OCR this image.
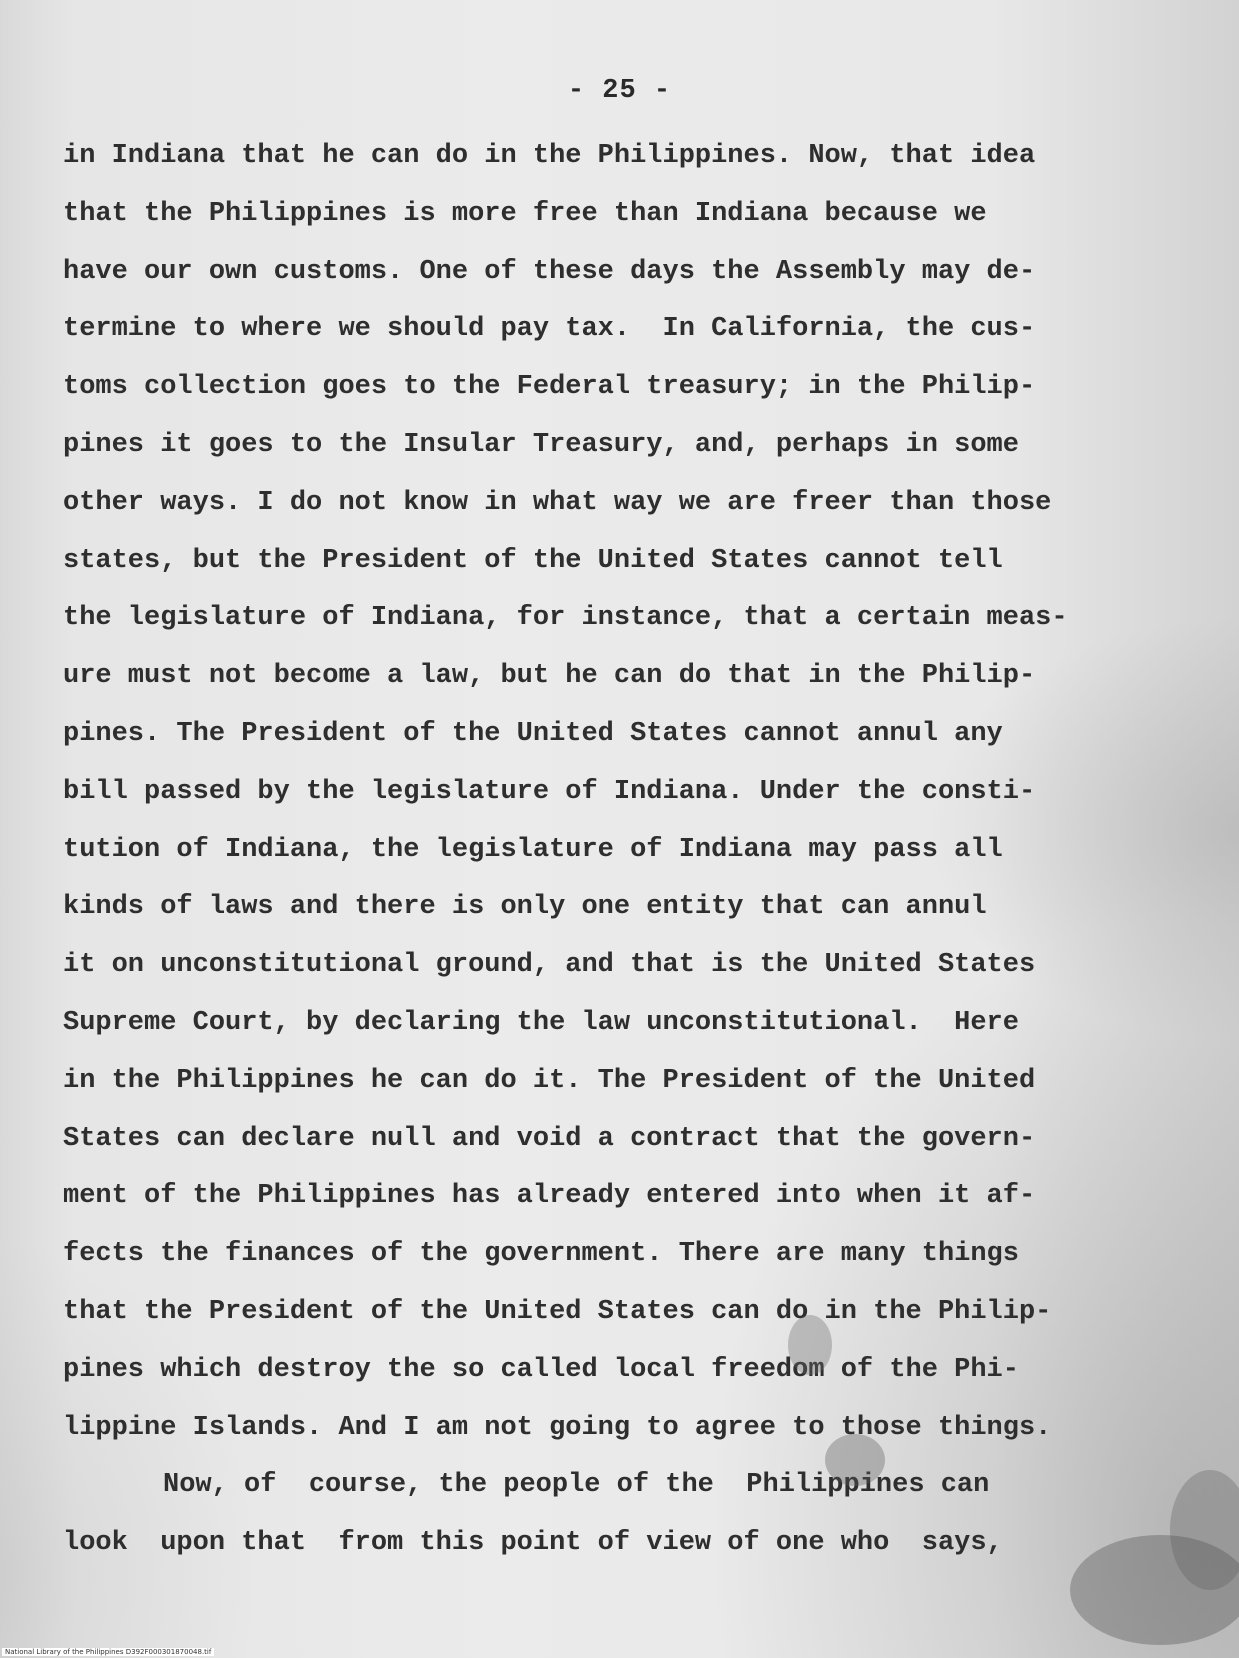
- 25 -
in Indiana that he can do in the Philippines. Now, that idea
that the Philippines is more free than Indiana because we
have our own customs. One of these days the Assembly may de-
termine to where we should pay tax.  In California, the cus-
toms collection goes to the Federal treasury; in the Philip-
pines it goes to the Insular Treasury, and, perhaps in some
other ways. I do not know in what way we are freer than those
states, but the President of the United States cannot tell
the legislature of Indiana, for instance, that a certain meas-
ure must not become a law, but he can do that in the Philip-
pines. The President of the United States cannot annul any
bill passed by the legislature of Indiana. Under the consti-
tution of Indiana, the legislature of Indiana may pass all
kinds of laws and there is only one entity that can annul
it on unconstitutional ground, and that is the United States
Supreme Court, by declaring the law unconstitutional.  Here
in the Philippines he can do it. The President of the United
States can declare null and void a contract that the govern-
ment of the Philippines has already entered into when it af-
fects the finances of the government. There are many things
that the President of the United States can do in the Philip-
pines which destroy the so called local freedom of the Phi-
lippine Islands. And I am not going to agree to those things.
Now, of  course, the people of the  Philippines can
look  upon that  from this point of view of one who  says,
National Library of the Philippines D392F000301870048.tif
